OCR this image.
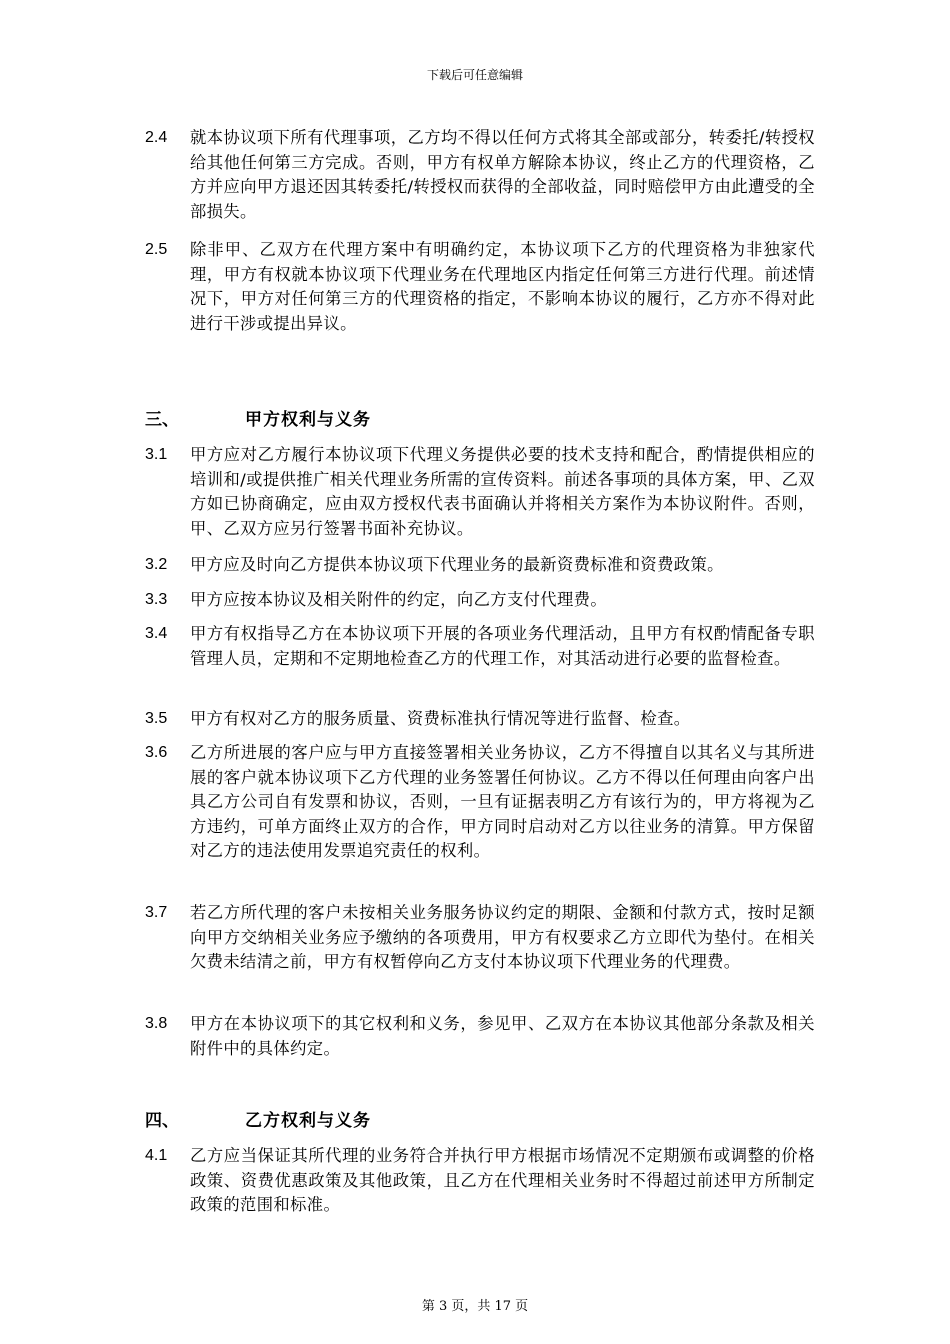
下载后可任意编辑
2.4 就本协议项下所有代理事项，乙方均不得以任何方式将其全部或部分，转委托/转授权给其他任何第三方完成。否则，甲方有权单方解除本协议，终止乙方的代理资格，乙方并应向甲方退还因其转委托/转授权而获得的全部收益，同时赔偿甲方由此遭受的全部损失。
2.5 除非甲、乙双方在代理方案中有明确约定，本协议项下乙方的代理资格为非独家代理，甲方有权就本协议项下代理业务在代理地区内指定任何第三方进行代理。前述情况下，甲方对任何第三方的代理资格的指定，不影响本协议的履行，乙方亦不得对此进行干涉或提出异议。
三、	甲方权利与义务
3.1 甲方应对乙方履行本协议项下代理义务提供必要的技术支持和配合，酌情提供相应的培训和/或提供推广相关代理业务所需的宣传资料。前述各事项的具体方案，甲、乙双方如已协商确定，应由双方授权代表书面确认并将相关方案作为本协议附件。否则，甲、乙双方应另行签署书面补充协议。
3.2 甲方应及时向乙方提供本协议项下代理业务的最新资费标准和资费政策。
3.3 甲方应按本协议及相关附件的约定，向乙方支付代理费。
3.4 甲方有权指导乙方在本协议项下开展的各项业务代理活动，且甲方有权酌情配备专职管理人员，定期和不定期地检查乙方的代理工作，对其活动进行必要的监督检查。
3.5 甲方有权对乙方的服务质量、资费标准执行情况等进行监督、检查。
3.6 乙方所进展的客户应与甲方直接签署相关业务协议，乙方不得擅自以其名义与其所进展的客户就本协议项下乙方代理的业务签署任何协议。乙方不得以任何理由向客户出具乙方公司自有发票和协议，否则，一旦有证据表明乙方有该行为的，甲方将视为乙方违约，可单方面终止双方的合作，甲方同时启动对乙方以往业务的清算。甲方保留对乙方的违法使用发票追究责任的权利。
3.7 若乙方所代理的客户未按相关业务服务协议约定的期限、金额和付款方式，按时足额向甲方交纳相关业务应予缴纳的各项费用，甲方有权要求乙方立即代为垫付。在相关欠费未结清之前，甲方有权暂停向乙方支付本协议项下代理业务的代理费。
3.8 甲方在本协议项下的其它权利和义务，参见甲、乙双方在本协议其他部分条款及相关附件中的具体约定。
四、	乙方权利与义务
4.1 乙方应当保证其所代理的业务符合并执行甲方根据市场情况不定期颁布或调整的价格政策、资费优惠政策及其他政策，且乙方在代理相关业务时不得超过前述甲方所制定政策的范围和标准。
第 3 页，共 17 页
